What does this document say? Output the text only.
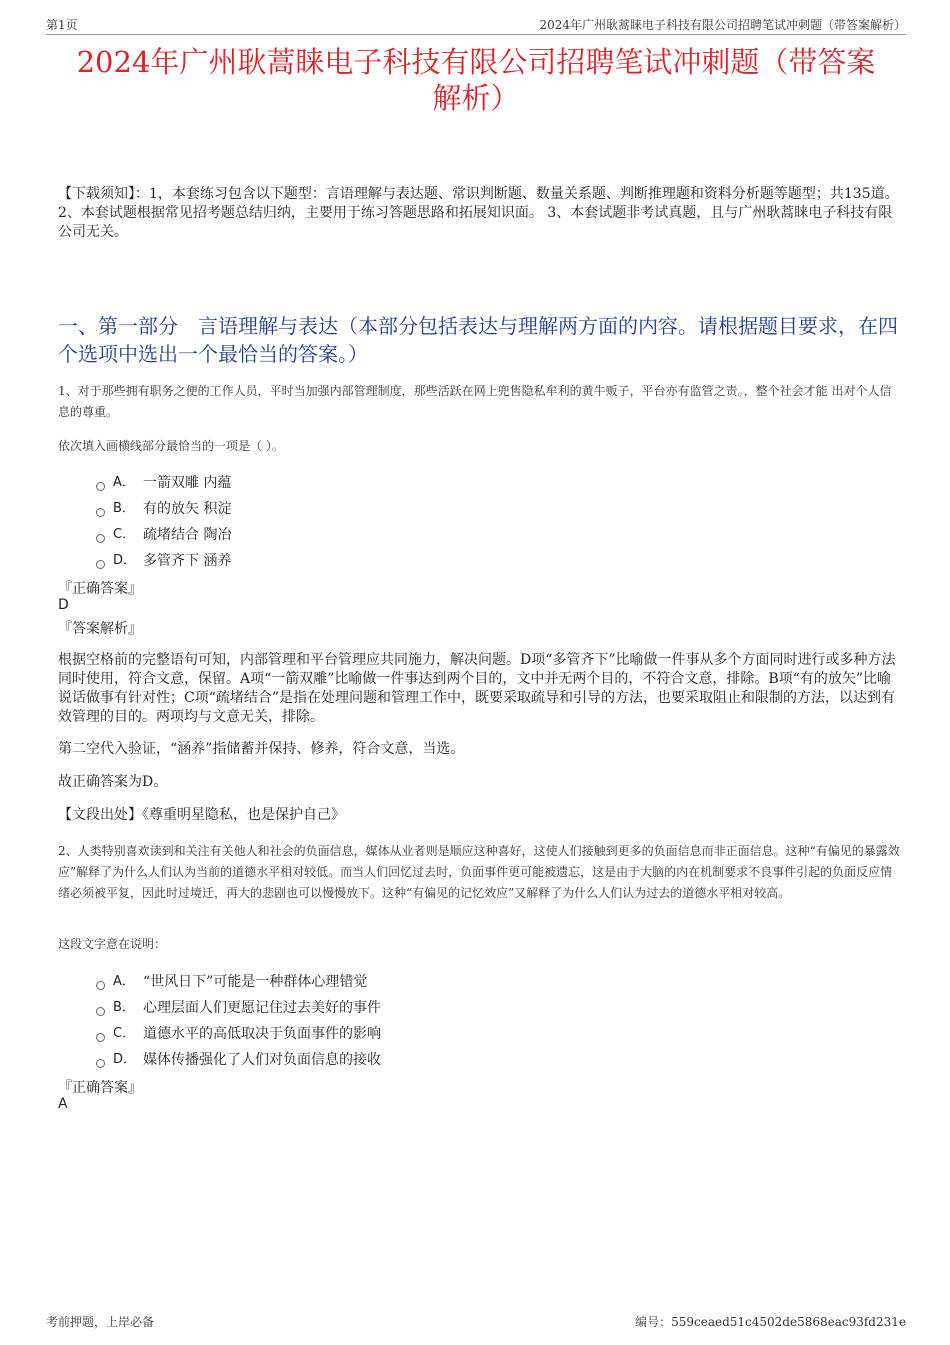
第1页	2024年广州耿蒿睐电子科技有限公司招聘笔试冲刺题（带答案解析）
2024年广州耿蒿睐电子科技有限公司招聘笔试冲刺题（带答案
解析）
【下载须知】：1，本套练习包含以下题型：言语理解与表达题、常识判断题、数量关系题、判断推理题和资料分析题等题型；共135道。 2、本套试题根据常见招考题总结归纳，主要用于练习答题思路和拓展知识面。 3、本套试题非考试真题，且与广州耿蒿睐电子科技有限公司无关。
一、第一部分　言语理解与表达（本部分包括表达与理解两方面的内容。请根据题目要求，在四个选项中选出一个最恰当的答案。）
1、对于那些拥有职务之便的工作人员，平时当加强内部管理制度，那些活跃在网上兜售隐私牟利的黄牛贩子，平台亦有监管之责。，整个社会才能 出对个人信息的尊重。
依次填入画横线部分最恰当的一项是（ ）。
A． 一箭双雕 内蕴
B． 有的放矢 积淀
C． 疏堵结合 陶冶
D． 多管齐下 涵养
『正确答案』
D
『答案解析』
根据空格前的完整语句可知，内部管理和平台管理应共同施力，解决问题。D项“多管齐下”比喻做一件事从多个方面同时进行或多种方法同时使用，符合文意，保留。A项“一箭双雕”比喻做一件事达到两个目的，文中并无两个目的，不符合文意，排除。B项“有的放矢”比喻说话做事有针对性；C项“疏堵结合”是指在处理问题和管理工作中，既要采取疏导和引导的方法，也要采取阻止和限制的方法，以达到有效管理的目的。两项均与文意无关，排除。
第二空代入验证，“涵养”指储蓄并保持、修养，符合文意，当选。
故正确答案为D。
【文段出处】《尊重明星隐私，也是保护自己》
2、人类特别喜欢读到和关注有关他人和社会的负面信息，媒体从业者则是顺应这种喜好，这使人们接触到更多的负面信息而非正面信息。这种“有偏见的暴露效应”解释了为什么人们认为当前的道德水平相对较低。而当人们回忆过去时，负面事件更可能被遗忘，这是由于大脑的内在机制要求不良事件引起的负面反应情绪必须被平复，因此时过境迁，再大的悲剧也可以慢慢放下。这种“有偏见的记忆效应”又解释了为什么人们认为过去的道德水平相对较高。
这段文字意在说明：
A． “世风日下”可能是一种群体心理错觉
B． 心理层面人们更愿记住过去美好的事件
C． 道德水平的高低取决于负面事件的影响
D． 媒体传播强化了人们对负面信息的接收
『正确答案』
A
考前押题，上岸必备	编号：559ceaed51c4502de5868eac93fd231e
